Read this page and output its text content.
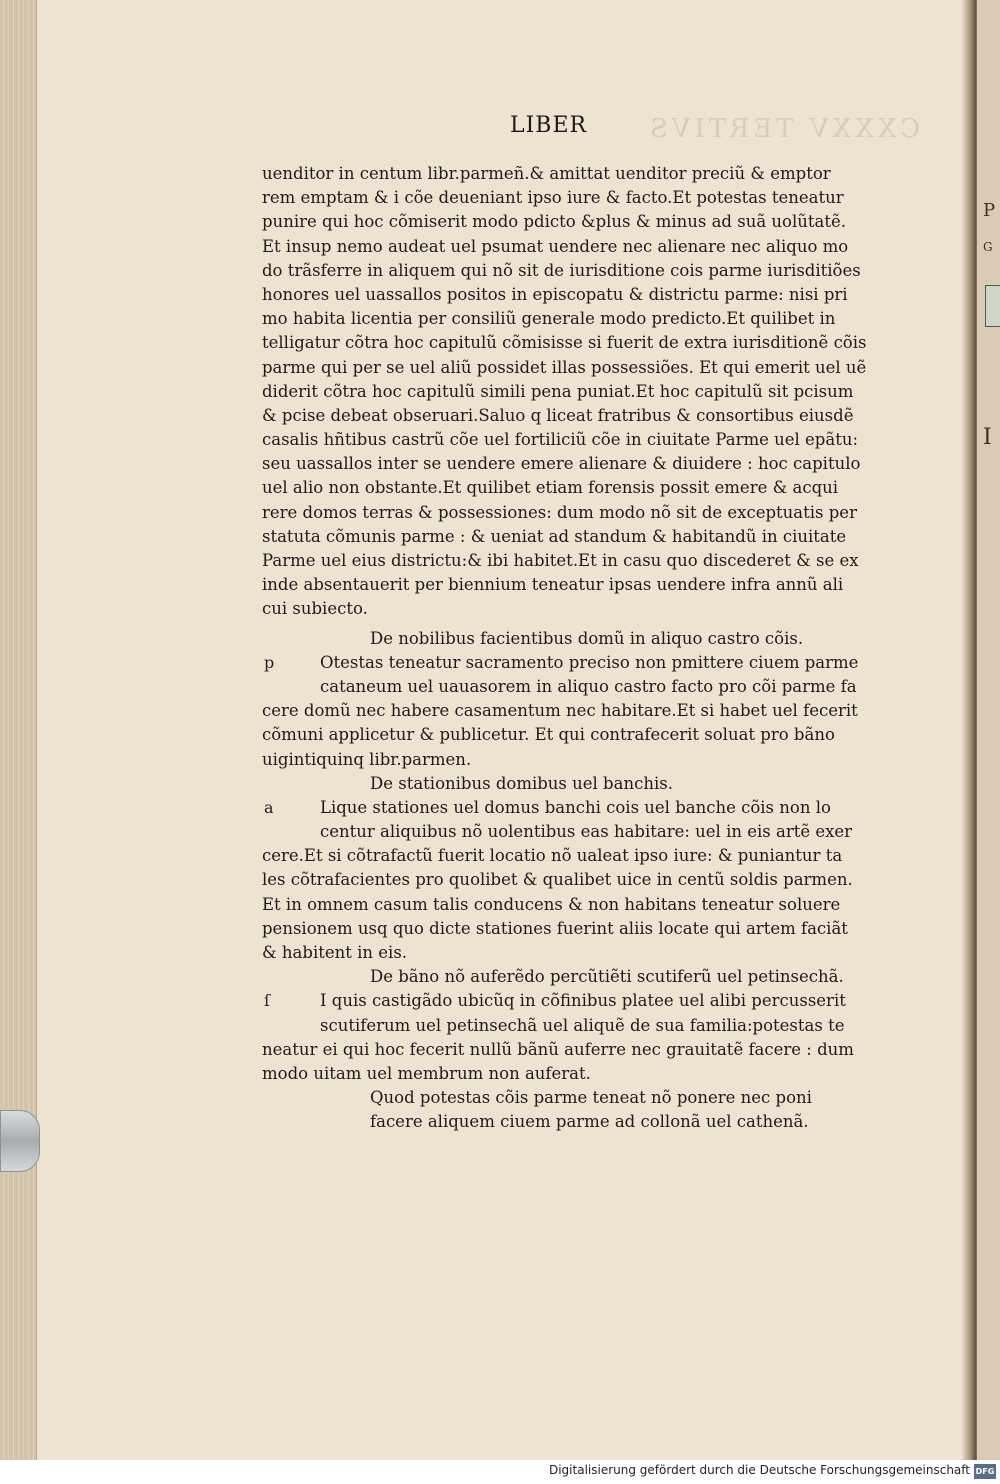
P
G
I
CXXXV TERTIVS
LIBER
uenditor in centum libr.parmeñ.& amittat uenditor preciũ & emptor
rem emptam & i cõe deueniant ipso iure & facto.Et potestas teneatur
punire qui hoc cõmiserit modo pdicto &plus & minus ad suã uolũtatẽ.
Et insup nemo audeat uel psumat uendere nec alienare nec aliquo mo
do trãsferre in aliquem qui nõ sit de iurisditione cois parme iurisditiões
honores uel uassallos positos in episcopatu & districtu parme: nisi pri
mo habita licentia per consiliũ generale modo predicto.Et quilibet in
telligatur cõtra hoc capitulũ cõmisisse si fuerit de extra iurisditionẽ cõis
parme qui per se uel aliũ possidet illas possessiões. Et qui emerit uel uẽ
diderit cõtra hoc capitulũ simili pena puniat.Et hoc capitulũ sit pcisum
& pcise debeat obseruari.Saluo q liceat fratribus & consortibus eiusdẽ
casalis hñtibus castrũ cõe uel fortiliciũ cõe in ciuitate Parme uel epãtu:
seu uassallos inter se uendere emere alienare & diuidere : hoc capitulo
uel alio non obstante.Et quilibet etiam forensis possit emere & acqui
rere domos terras & possessiones: dum modo nõ sit de exceptuatis per
statuta cõmunis parme : & ueniat ad standum & habitandũ in ciuitate
Parme uel eius districtu:& ibi habitet.Et in casu quo discederet & se ex
inde absentauerit per biennium teneatur ipsas uendere infra annũ ali
cui subiecto.
De nobilibus facientibus domũ in aliquo castro cõis.
p	Otestas teneatur sacramento preciso non pmittere ciuem parme
cataneum uel uauasorem in aliquo castro facto pro cõi parme fa
cere domũ nec habere casamentum nec habitare.Et si habet uel fecerit
cõmuni applicetur & publicetur. Et qui contrafecerit soluat pro bãno
uigintiquinq libr.parmen.
De stationibus domibus uel banchis.
a	Lique stationes uel domus banchi cois uel banche cõis non lo
centur aliquibus nõ uolentibus eas habitare: uel in eis artẽ exer
cere.Et si cõtrafactũ fuerit locatio nõ ualeat ipso iure: & puniantur ta
les cõtrafacientes pro quolibet & qualibet uice in centũ soldis parmen.
Et in omnem casum talis conducens & non habitans teneatur soluere
pensionem usq quo dicte stationes fuerint aliis locate qui artem faciãt
& habitent in eis.
De bãno nõ auferẽdo percũtiẽti scutiferũ uel petinsechã.
ſ	I quis castigãdo ubicũq in cõfinibus platee uel alibi percusserit
scutiferum uel petinsechã uel aliquẽ de sua familia:potestas te
neatur ei qui hoc fecerit nullũ bãnũ auferre nec grauitatẽ facere : dum
modo uitam uel membrum non auferat.
Quod potestas cõis parme teneat nõ ponere nec poni
facere aliquem ciuem parme ad collonã uel cathenã.
Digitalisierung gefördert durch die Deutsche Forschungsgemeinschaft DFG
